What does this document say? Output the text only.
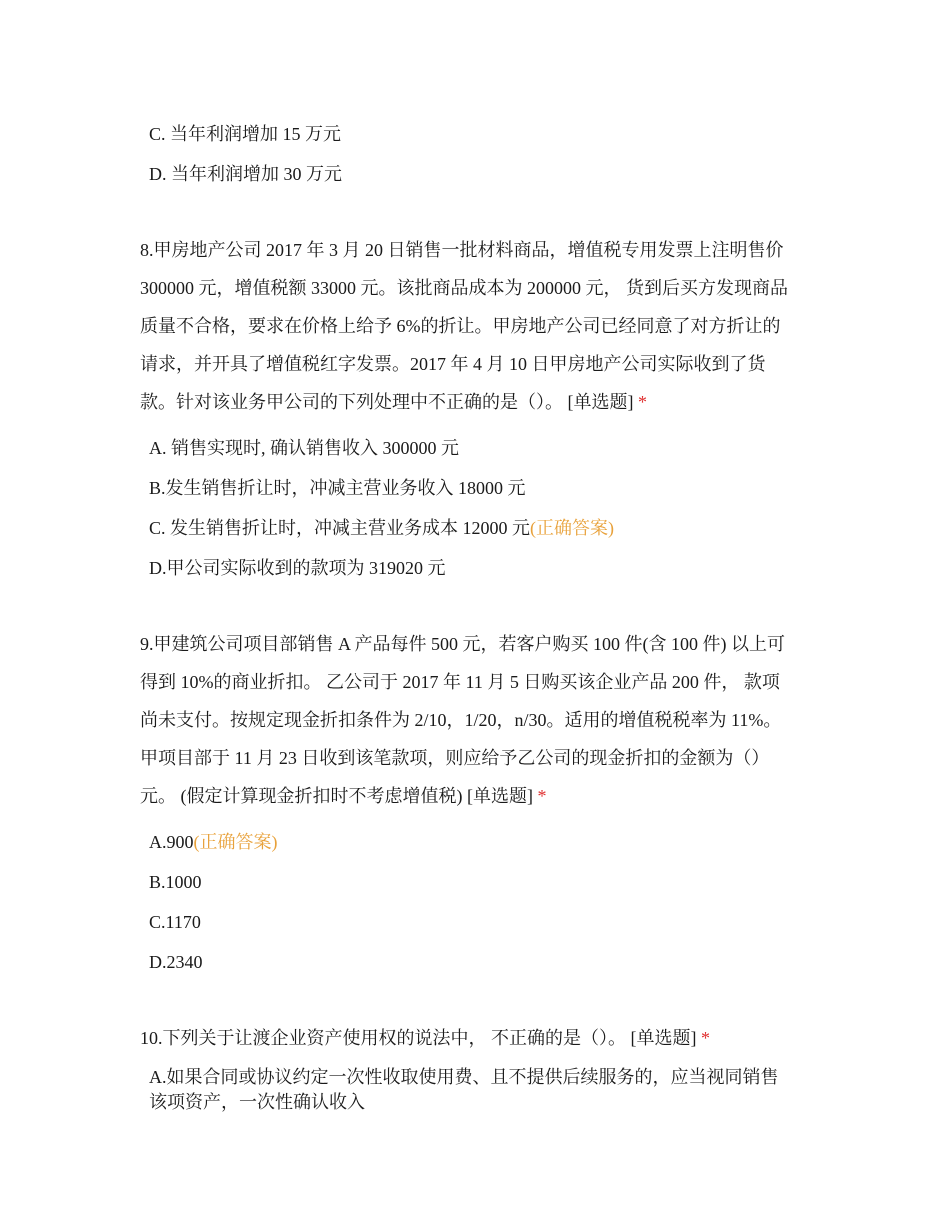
C. 当年利润增加 15 万元
D. 当年利润增加 30 万元
8.甲房地产公司 2017 年 3 月 20 日销售一批材料商品，增值税专用发票上注明售价
300000 元，增值税额 33000 元。该批商品成本为 200000 元， 货到后买方发现商品
质量不合格，要求在价格上给予 6%的折让。甲房地产公司已经同意了对方折让的
请求，并开具了增值税红字发票。2017 年 4 月 10 日甲房地产公司实际收到了货
款。针对该业务甲公司的下列处理中不正确的是（）。 [单选题] *
A. 销售实现时, 确认销售收入 300000 元
B.发生销售折让时，冲减主营业务收入 18000 元
C. 发生销售折让时，冲减主营业务成本 12000 元(正确答案)
D.甲公司实际收到的款项为 319020 元
9.甲建筑公司项目部销售 A 产品每件 500 元，若客户购买 100 件(含 100 件) 以上可
得到 10%的商业折扣。 乙公司于 2017 年 11 月 5 日购买该企业产品 200 件， 款项
尚未支付。按规定现金折扣条件为 2/10，1/20，n/30。适用的增值税税率为 11%。
甲项目部于 11 月 23 日收到该笔款项，则应给予乙公司的现金折扣的金额为（）
元。 (假定计算现金折扣时不考虑增值税) [单选题] *
A.900(正确答案)
B.1000
C.1170
D.2340
10.下列关于让渡企业资产使用权的说法中， 不正确的是（）。 [单选题] *
A.如果合同或协议约定一次性收取使用费、且不提供后续服务的，应当视同销售
该项资产，一次性确认收入
